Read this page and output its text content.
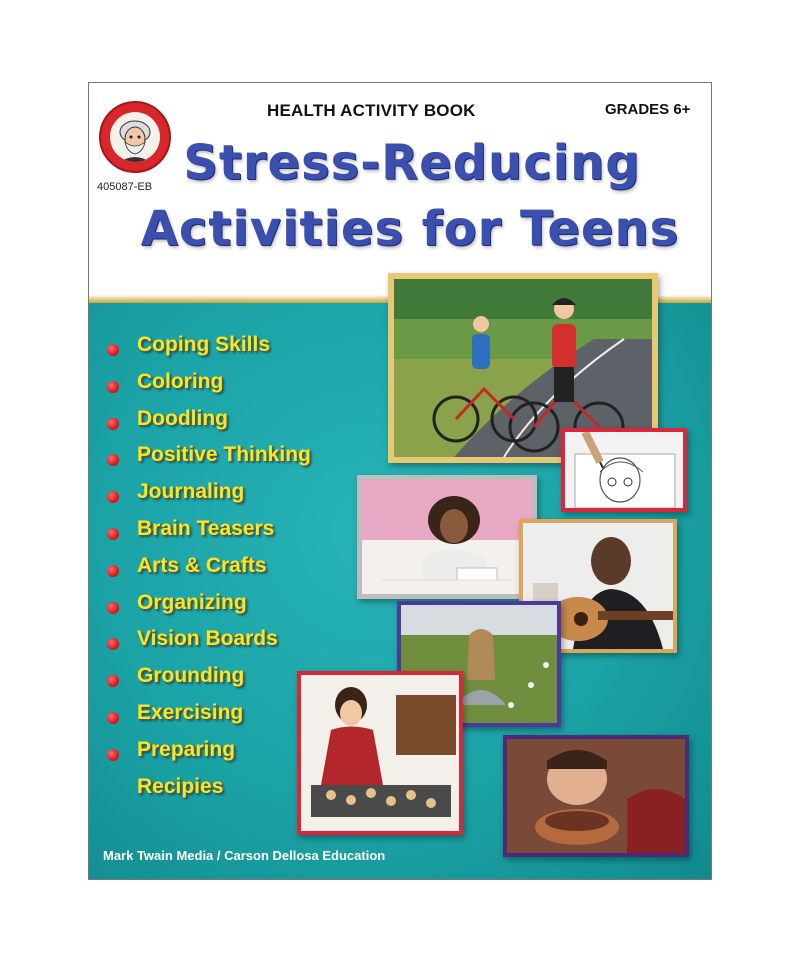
405087-EB
HEALTH ACTIVITY BOOK	GRADES 6+
Stress-Reducing
Activities for Teens
Coping Skills
Coloring
Doodling
Positive Thinking
Journaling
Brain Teasers
Arts & Crafts
Organizing
Vision Boards
Grounding
Exercising
Preparing
Recipies
Mark Twain Media / Carson Dellosa Education
